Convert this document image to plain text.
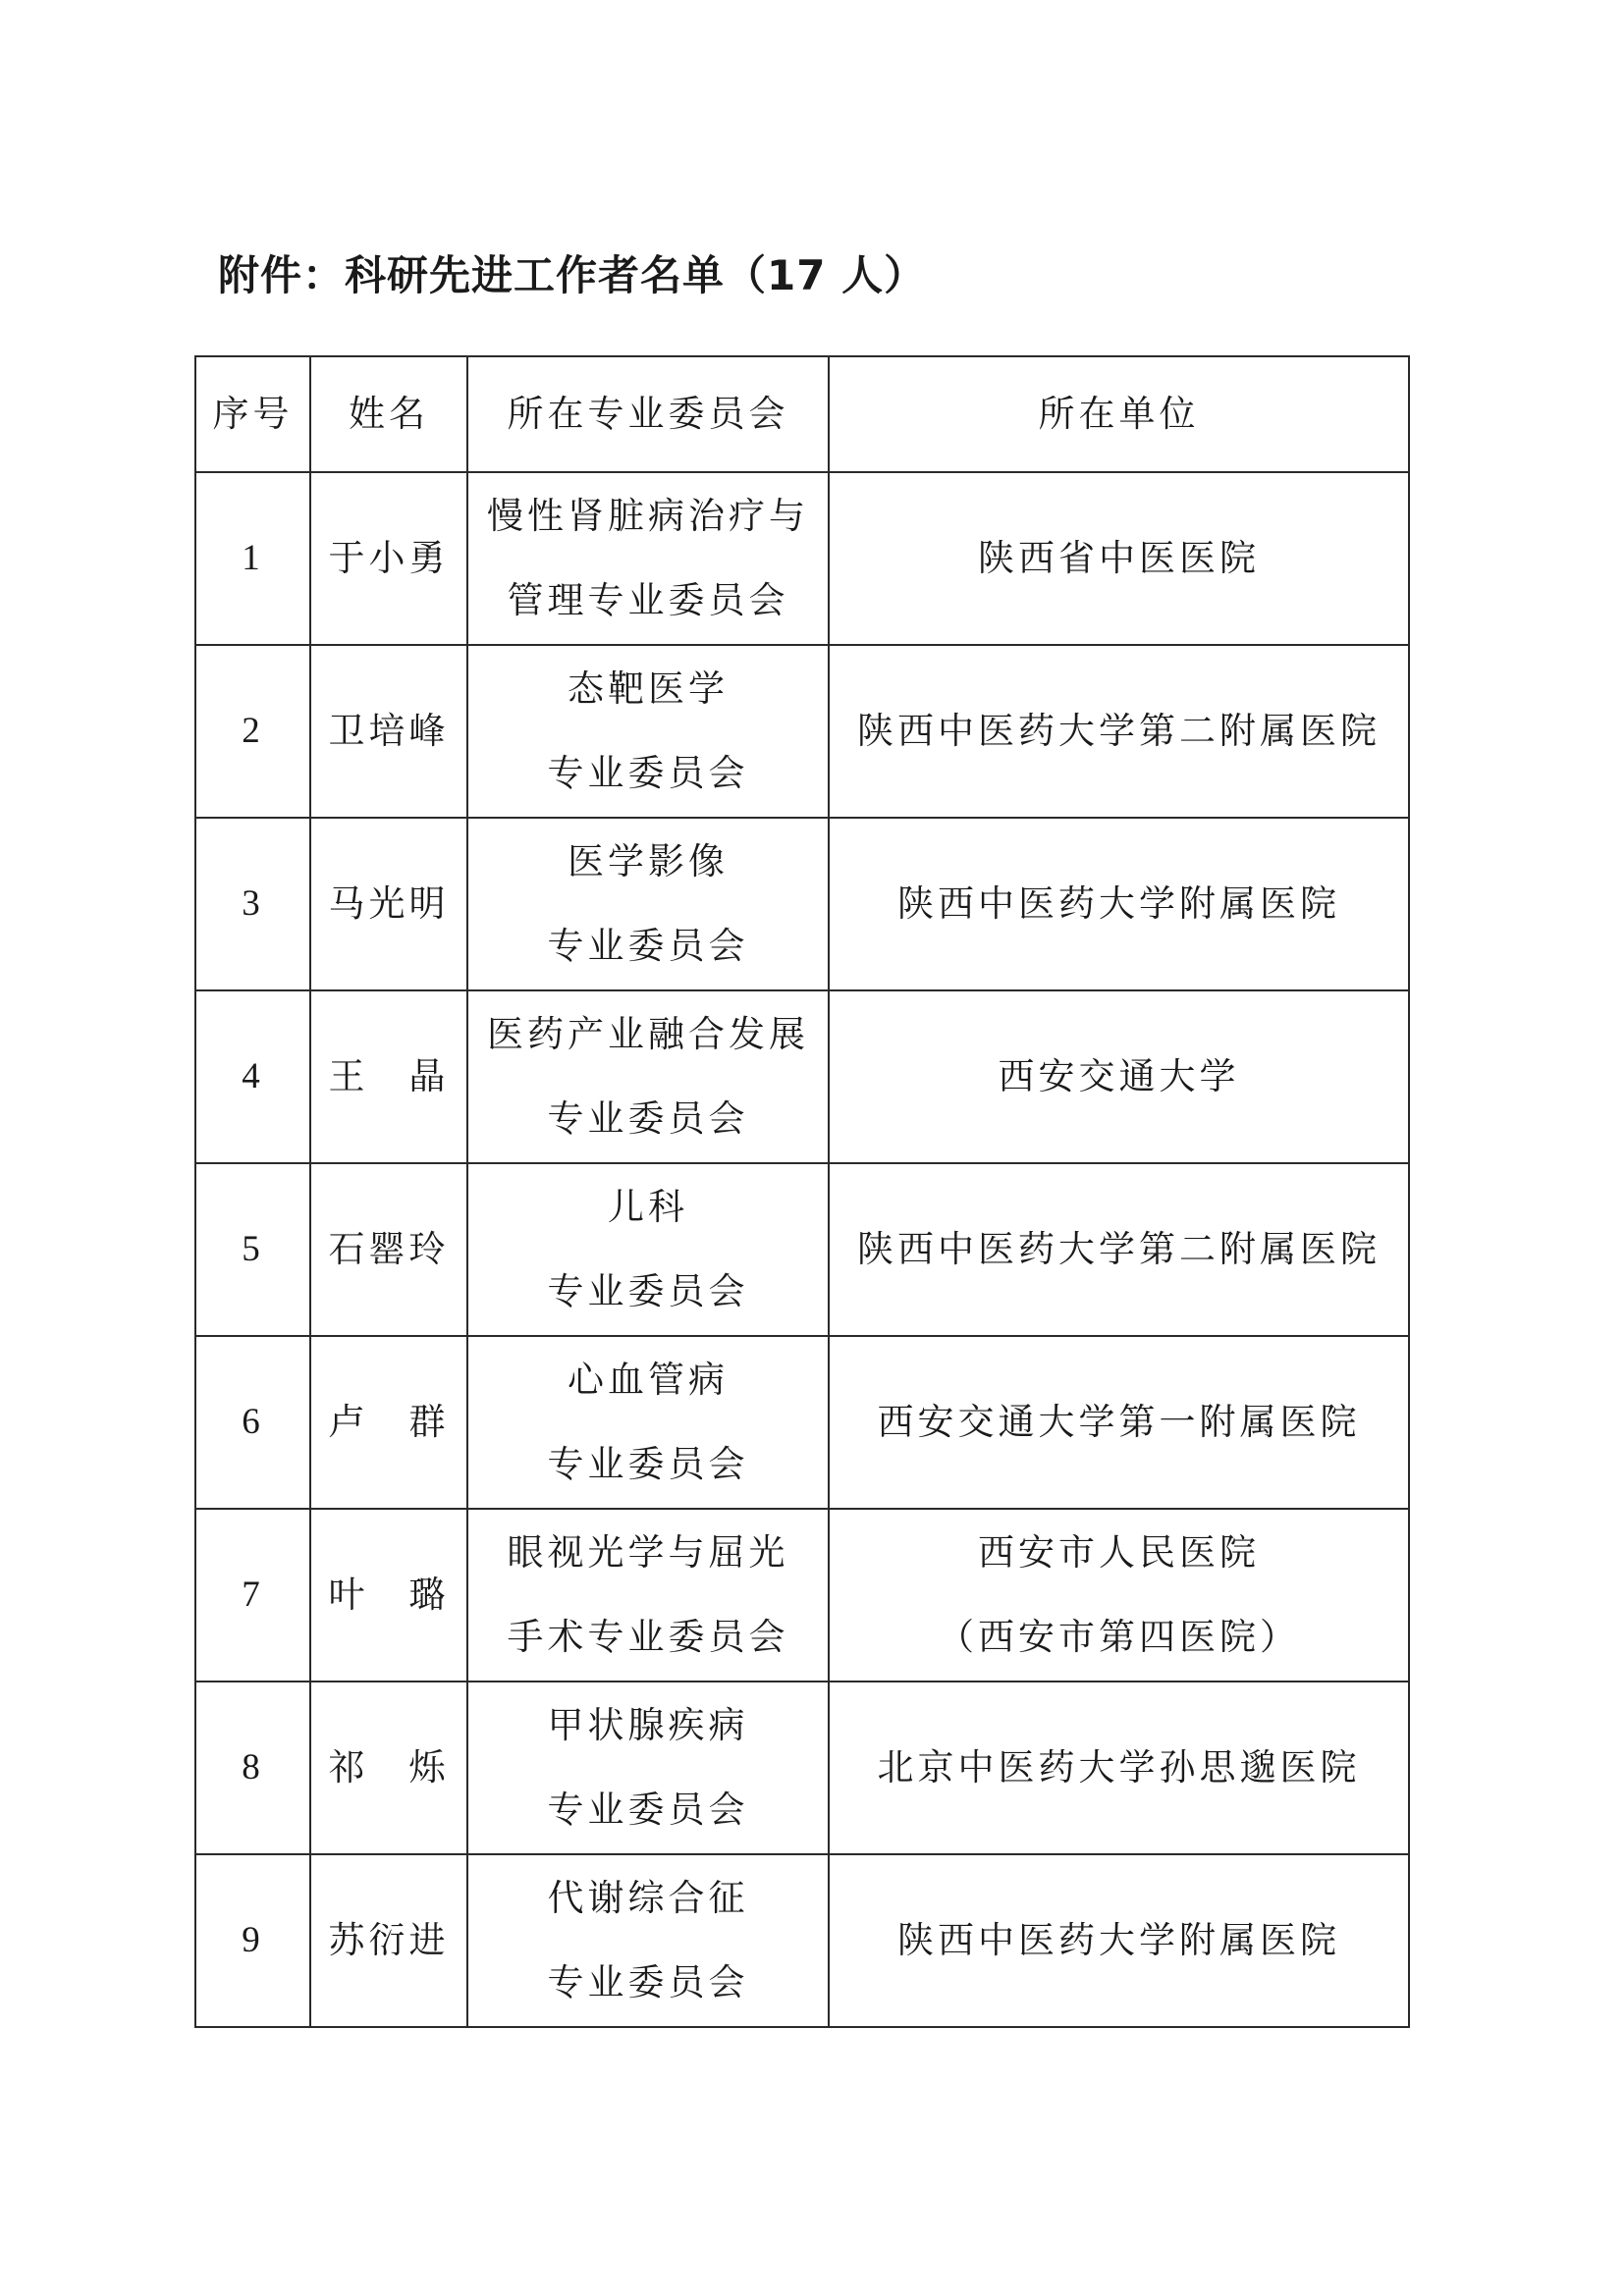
附件：科研先进工作者名单（17 人）
序号	姓名	所在专业委员会	所在单位
1	于小勇	慢性肾脏病治疗与
管理专业委员会	陕西省中医医院

2	卫培峰	态靶医学
专业委员会	陕西中医药大学第二附属医院

3	马光明	医学影像
专业委员会	陕西中医药大学附属医院

4	王　晶	医药产业融合发展
专业委员会	西安交通大学

5	石罂玲	儿科
专业委员会	陕西中医药大学第二附属医院

6	卢　群	心血管病
专业委员会	西安交通大学第一附属医院

7	叶　璐	眼视光学与屈光
手术专业委员会	西安市人民医院
（西安市第四医院）

8	祁　烁	甲状腺疾病
专业委员会	北京中医药大学孙思邈医院

9	苏衍进	代谢综合征
专业委员会	陕西中医药大学附属医院
